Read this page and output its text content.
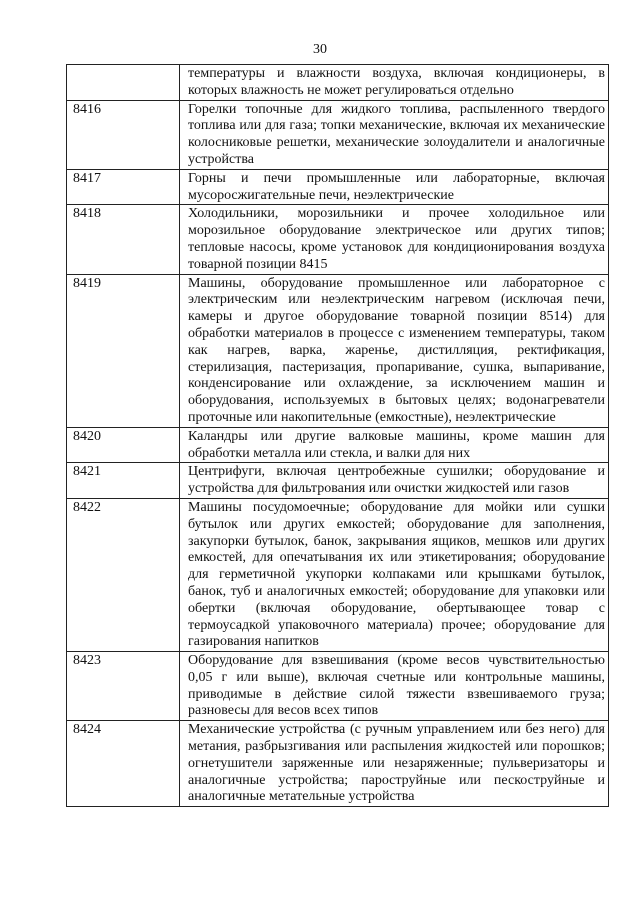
30
	температуры и влажности воздуха, включая кондиционеры, в которых влажность не может регулироваться отдельно
8416	Горелки топочные для жидкого топлива, распыленного твердого топлива или для газа; топки механические, включая их механические колосниковые решетки, механические золоудалители и аналогичные устройства
8417	Горны и печи промышленные или лабораторные, включая мусоросжигательные печи, неэлектрические
8418	Холодильники, морозильники и прочее холодильное или морозильное оборудование электрическое или других типов; тепловые насосы, кроме установок для кондиционирования воздуха товарной позиции 8415
8419	Машины, оборудование промышленное или лабораторное с электрическим или неэлектрическим нагревом (исключая печи, камеры и другое оборудование товарной позиции 8514) для обработки материалов в процессе с изменением температуры, таком как нагрев, варка, жаренье, дистилляция, ректификация, стерилизация, пастеризация, пропаривание, сушка, выпаривание, конденсирование или охлаждение, за исключением машин и оборудования, используемых в бытовых целях; водонагреватели проточные или накопительные (емкостные), неэлектрические
8420	Каландры или другие валковые машины, кроме машин для обработки металла или стекла, и валки для них
8421	Центрифуги, включая центробежные сушилки; оборудование и устройства для фильтрования или очистки жидкостей или газов
8422	Машины посудомоечные; оборудование для мойки или сушки бутылок или других емкостей; оборудование для заполнения, закупорки бутылок, банок, закрывания ящиков, мешков или других емкостей, для опечатывания их или этикетирования; оборудование для герметичной укупорки колпаками или крышками бутылок, банок, туб и аналогичных емкостей; оборудование для упаковки или обертки (включая оборудование, обертывающее товар с термоусадкой упаковочного материала) прочее; оборудование для газирования напитков
8423	Оборудование для взвешивания (кроме весов чувствительностью 0,05 г или выше), включая счетные или контрольные машины, приводимые в действие силой тяжести взвешиваемого груза; разновесы для весов всех типов
8424	Механические устройства (с ручным управлением или без него) для метания, разбрызгивания или распыления жидкостей или порошков; огнетушители заряженные или незаряженные; пульверизаторы и аналогичные устройства; пароструйные или пескоструйные и аналогичные метательные устройства
